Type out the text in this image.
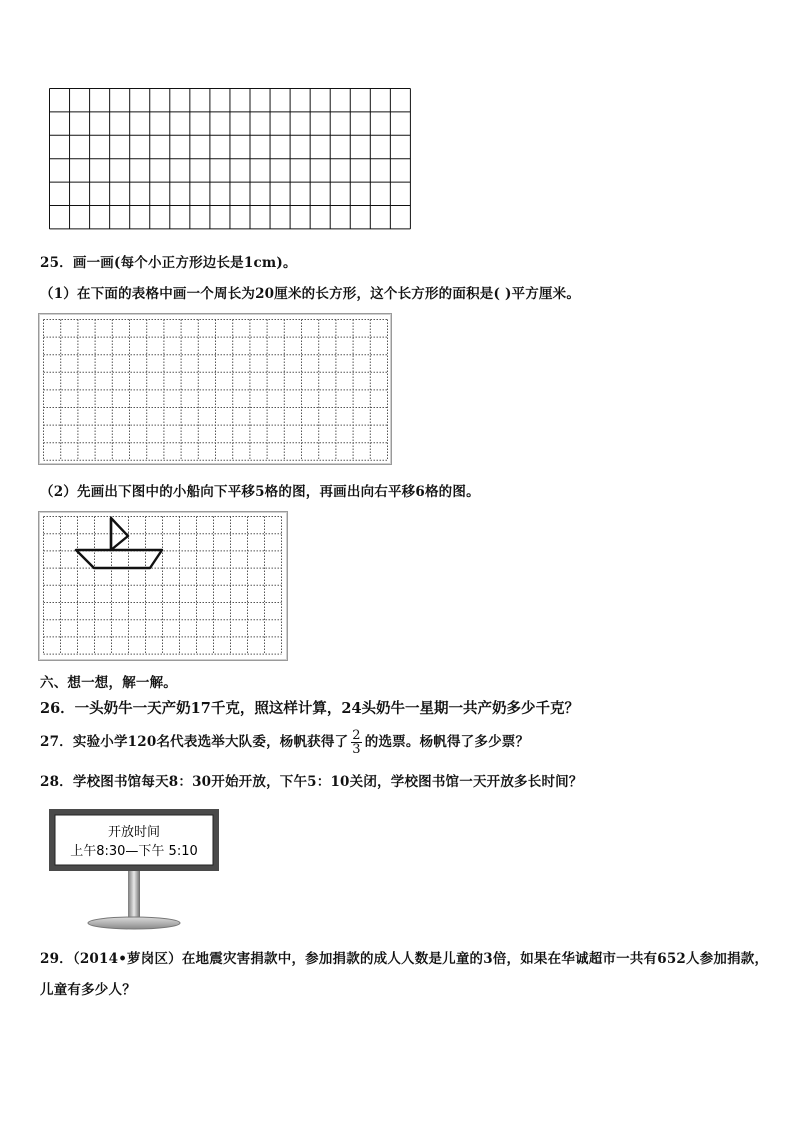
25．画一画(每个小正方形边长是1cm)。
（1）在下面的表格中画一个周长为20厘米的长方形，这个长方形的面积是( )平方厘米。
（2）先画出下图中的小船向下平移5格的图，再画出向右平移6格的图。
六、想一想，解一解。
26．一头奶牛一天产奶17千克，照这样计算，24头奶牛一星期一共产奶多少千克？
27．实验小学120名代表选举大队委，杨帆获得了 $\frac{2}{3}$ 的选票。杨帆得了多少票？
28．学校图书馆每天8：30开始开放，下午5：10关闭，学校图书馆一天开放多长时间？
开放时间
上午8:30—下午 5:10
29．（2014•萝岗区）在地震灾害捐款中，参加捐款的成人人数是儿童的3倍，如果在华诚超市一共有652人参加捐款，
儿童有多少人？
